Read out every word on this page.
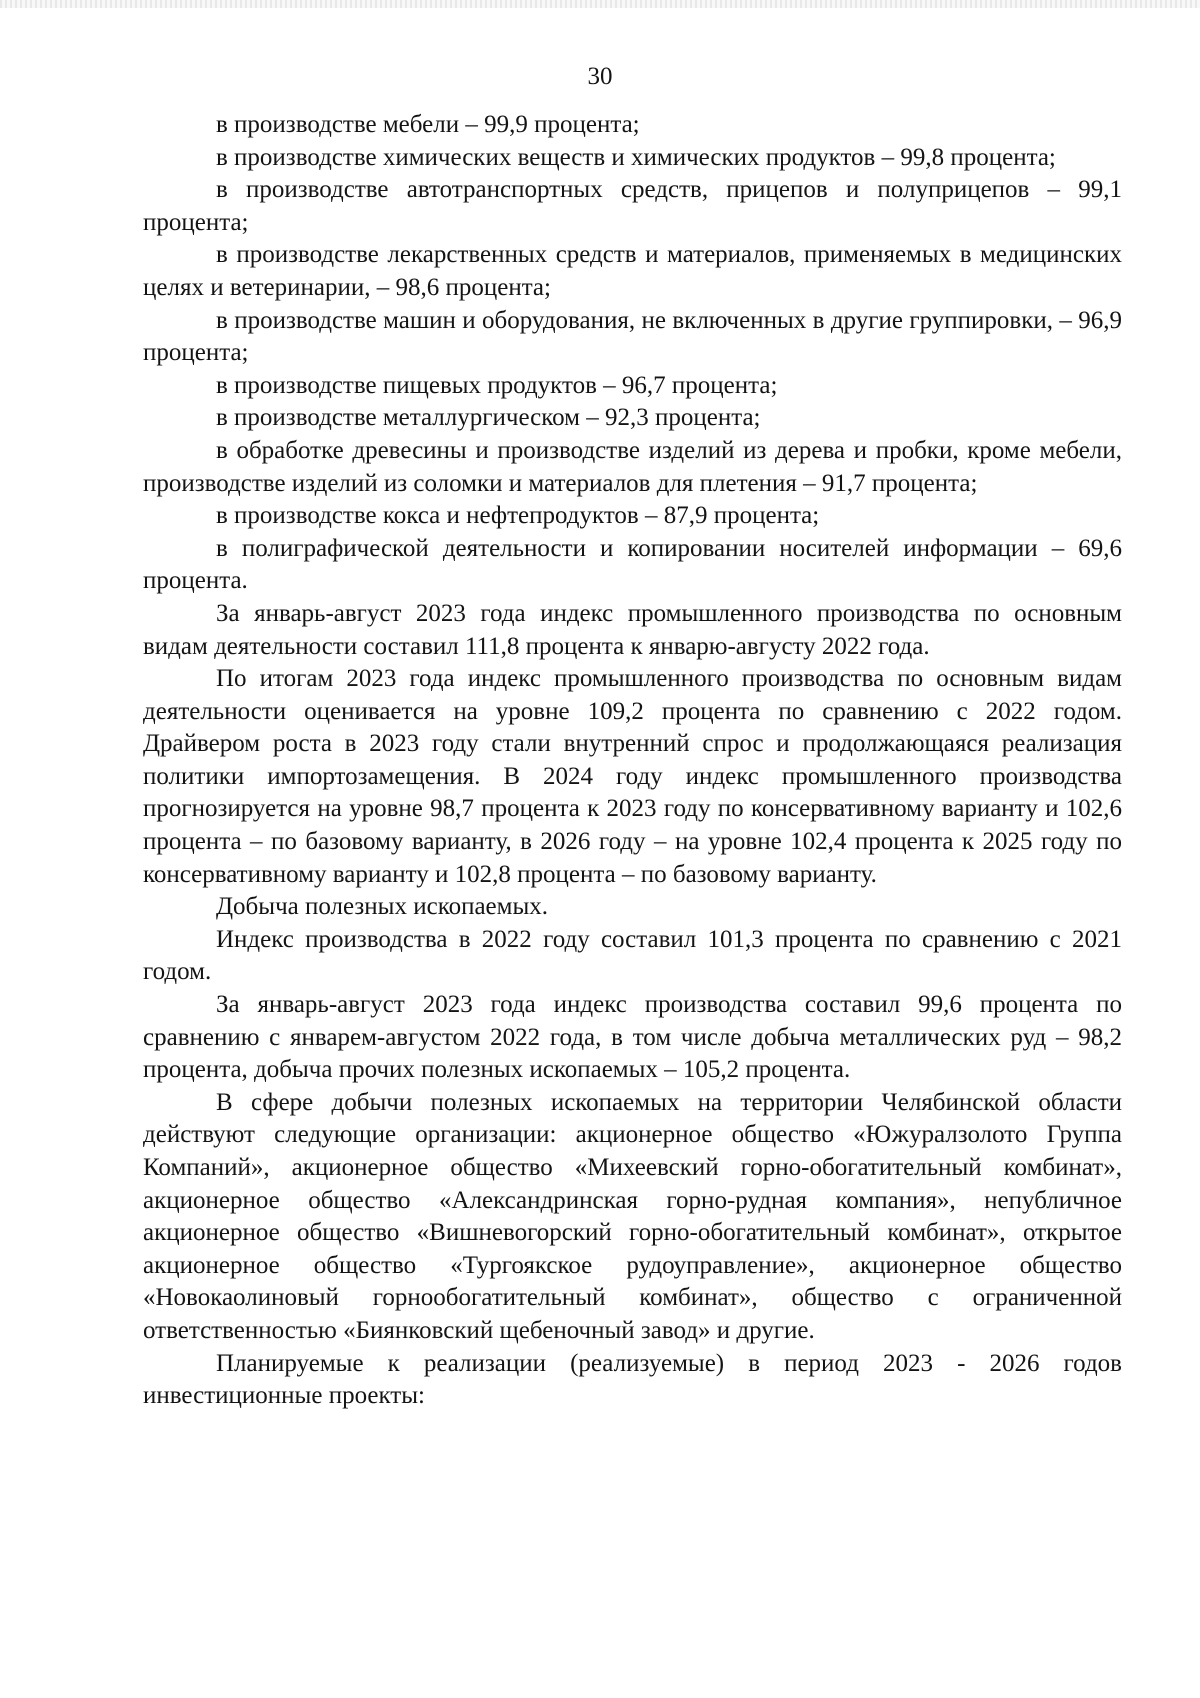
30

в производстве мебели – 99,9 процента;

в производстве химических веществ и химических продуктов – 99,8 процента;

в производстве автотранспортных средств, прицепов и полуприцепов – 99,1 процента;

в производстве лекарственных средств и материалов, применяемых в медицинских целях и ветеринарии, – 98,6 процента;

в производстве машин и оборудования, не включенных в другие группировки, – 96,9 процента;

в производстве пищевых продуктов – 96,7 процента;

в производстве металлургическом – 92,3 процента;

в обработке древесины и производстве изделий из дерева и пробки, кроме мебели, производстве изделий из соломки и материалов для плетения – 91,7 процента;

в производстве кокса и нефтепродуктов – 87,9 процента;

в полиграфической деятельности и копировании носителей информации – 69,6 процента.

За январь-август 2023 года индекс промышленного производства по основным видам деятельности составил 111,8 процента к январю-августу 2022 года.

По итогам 2023 года индекс промышленного производства по основным видам деятельности оценивается на уровне 109,2 процента по сравнению с 2022 годом. Драйвером роста в 2023 году стали внутренний спрос и продолжающаяся реализация политики импортозамещения. В 2024 году индекс промышленного производства прогнозируется на уровне 98,7 процента к 2023 году по консервативному варианту и 102,6 процента – по базовому варианту, в 2026 году – на уровне 102,4 процента к 2025 году по консервативному варианту и 102,8 процента – по базовому варианту.

Добыча полезных ископаемых.

Индекс производства в 2022 году составил 101,3 процента по сравнению с 2021 годом.

За январь-август 2023 года индекс производства составил 99,6 процента по сравнению с январем-августом 2022 года, в том числе добыча металлических руд – 98,2 процента, добыча прочих полезных ископаемых – 105,2 процента.

В сфере добычи полезных ископаемых на территории Челябинской области действуют следующие организации: акционерное общество «Южуралзолото Группа Компаний», акционерное общество «Михеевский горно-обогатительный комбинат», акционерное общество «Александринская горно-рудная компания», непубличное акционерное общество «Вишневогорский горно-обогатительный комбинат», открытое акционерное общество «Тургоякское рудоуправление», акционерное общество «Новокаолиновый горнообогатительный комбинат», общество с ограниченной ответственностью «Биянковский щебеночный завод» и другие.

Планируемые к реализации (реализуемые) в период 2023 - 2026 годов инвестиционные проекты:
